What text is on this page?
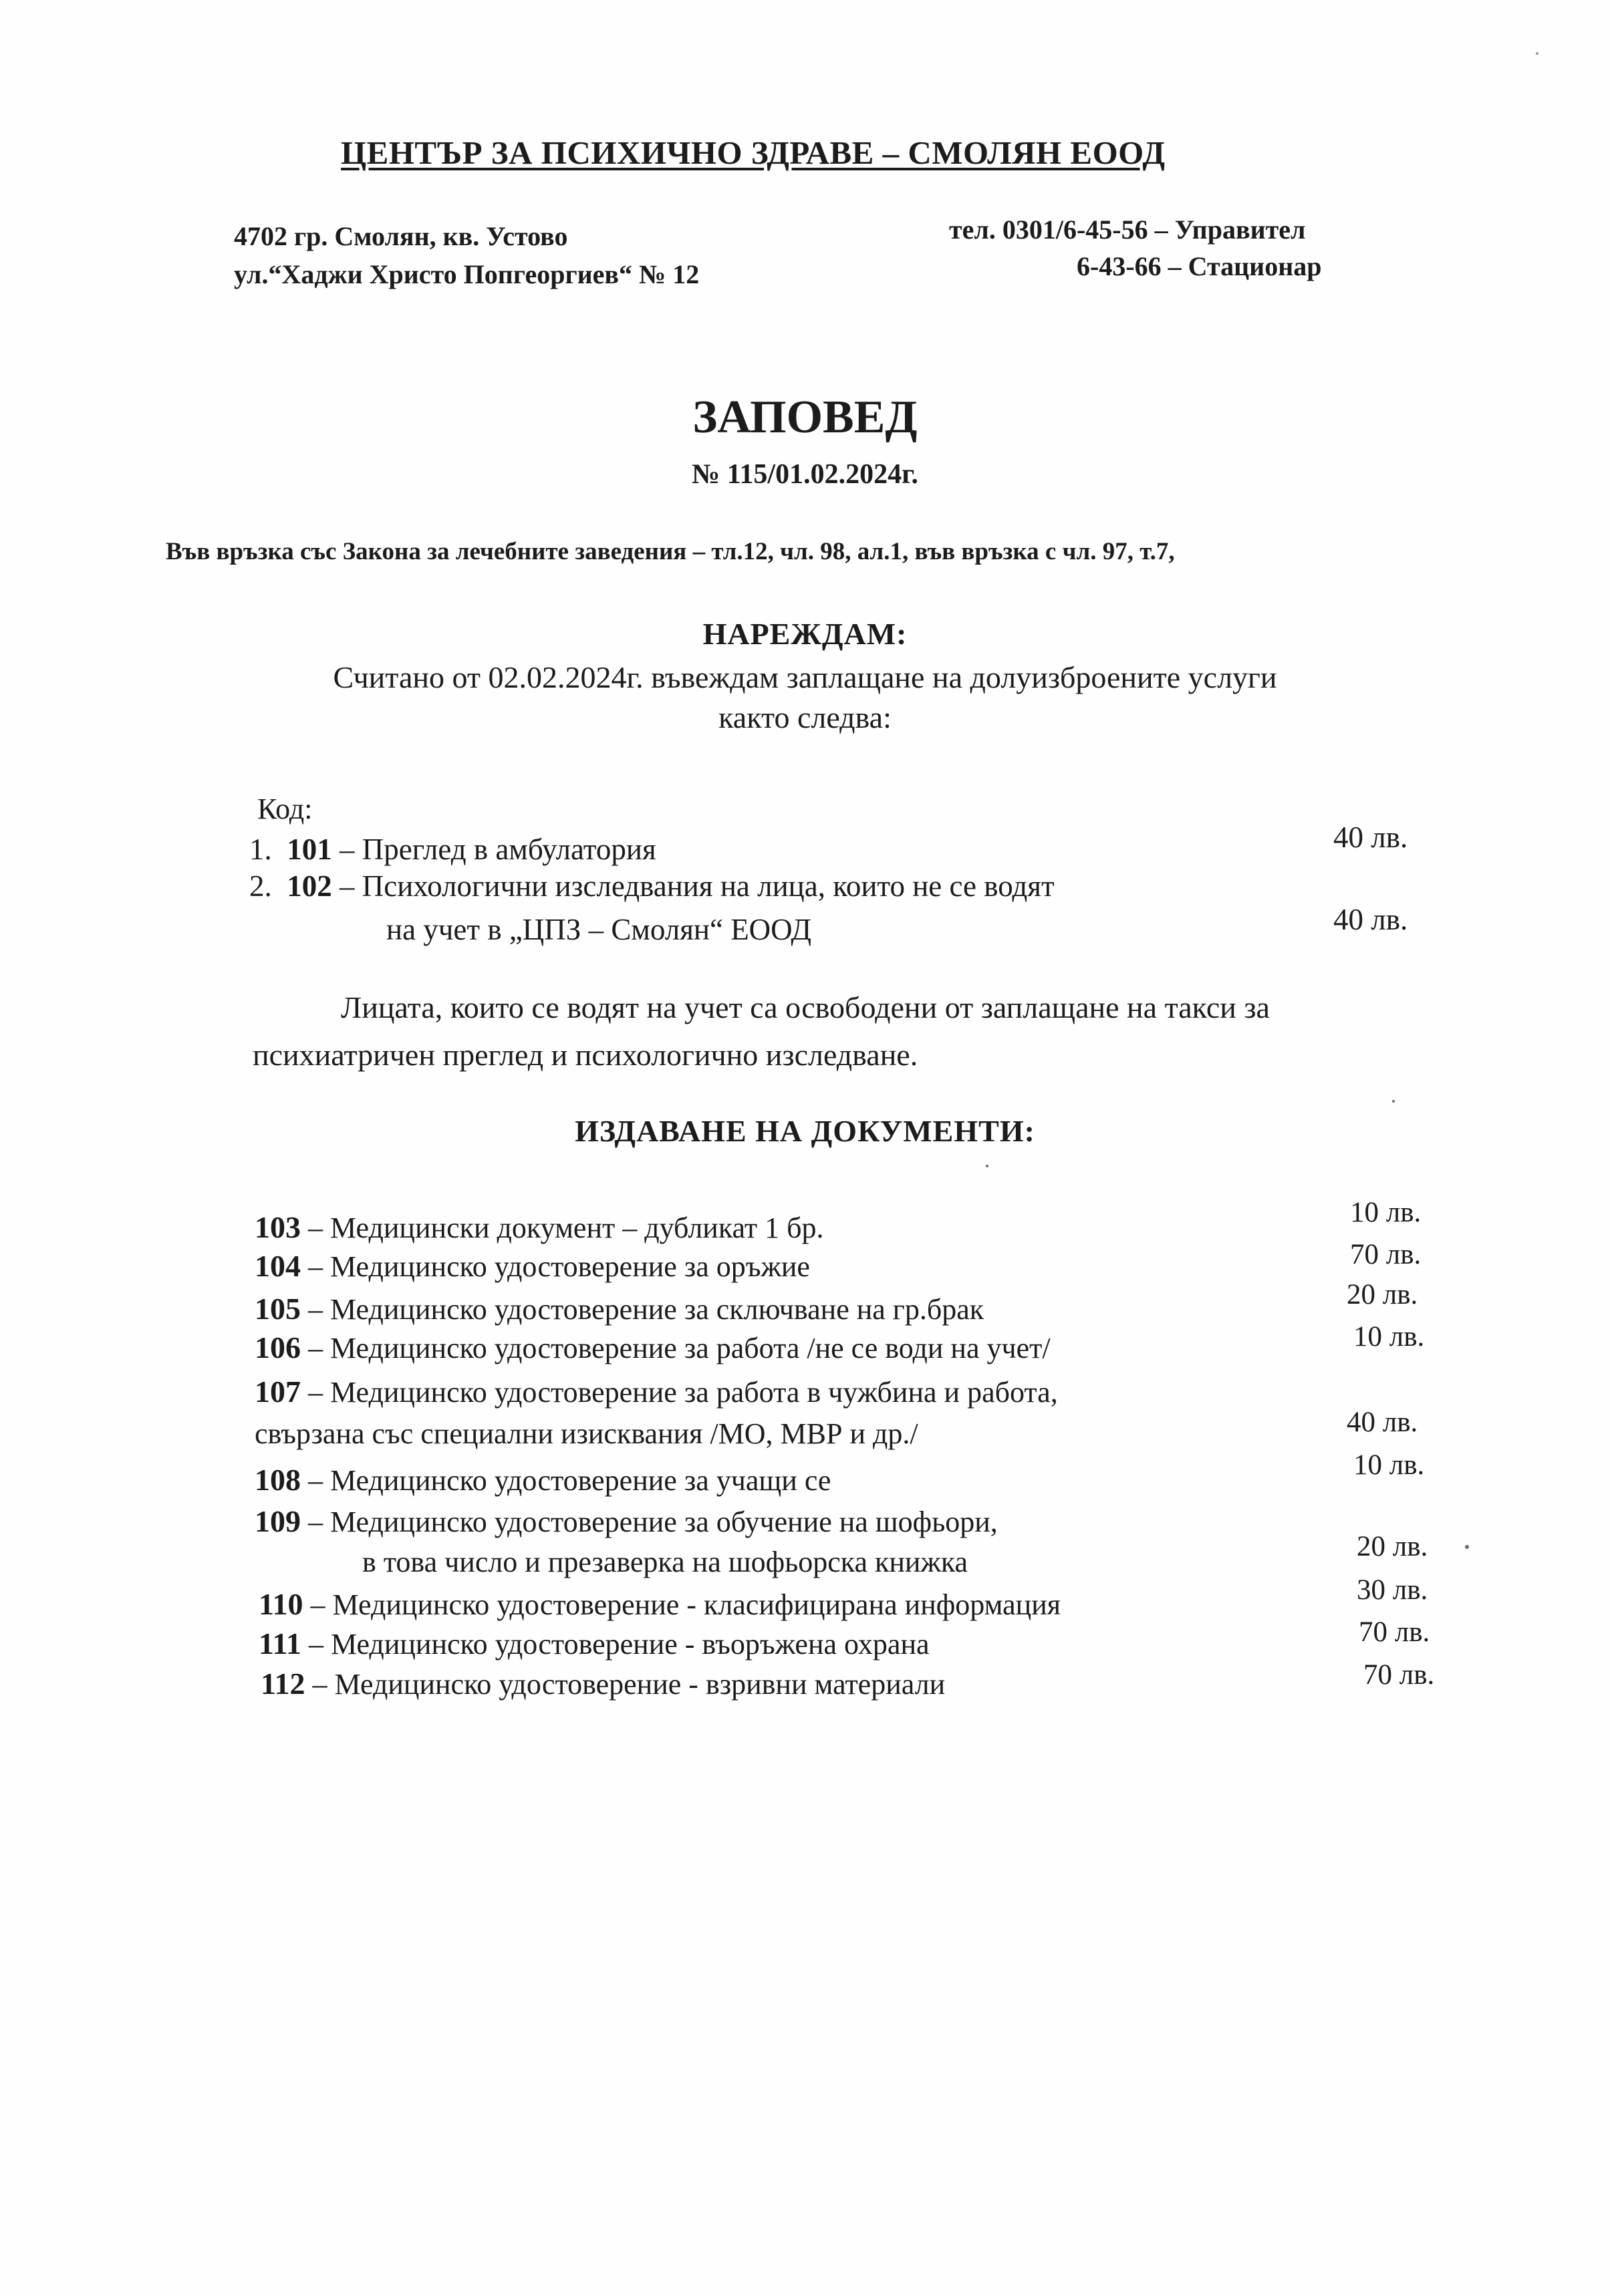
ЦЕНТЪР ЗА ПСИХИЧНО ЗДРАВЕ – СМОЛЯН ЕООД
4702 гр. Смолян, кв. Устово
ул.“Хаджи Христо Попгеоргиев“ № 12
тел. 0301/6-45-56 – Управител
6-43-66 – Стационар
ЗАПОВЕД
№ 115/01.02.2024г.
Във връзка със Закона за лечебните заведения – тл.12, чл. 98, ал.1, във връзка с чл. 97, т.7,
НАРЕЖДАМ:
Считано от 02.02.2024г. въвеждам заплащане на долуизброените услуги
както следва:
Код:
1. 101 – Преглед в амбулатория	40 лв.
2. 102 – Психологични изследвания на лица, които не се водят
на учет в „ЦПЗ – Смолян“ ЕООД	40 лв.
Лицата, които се водят на учет са освободени от заплащане на такси за
психиатричен преглед и психологично изследване.
ИЗДАВАНЕ НА ДОКУМЕНТИ:
103 – Медицински документ – дубликат 1 бр.	10 лв.
104 – Медицинско удостоверение за оръжие	70 лв.
105 – Медицинско удостоверение за сключване на гр.брак	20 лв.
106 – Медицинско удостоверение за работа /не се води на учет/	10 лв.
107 – Медицинско удостоверение за работа в чужбина и работа,
свързана със специални изисквания /МО, МВР и др./	40 лв.
108 – Медицинско удостоверение за учащи се	10 лв.
109 – Медицинско удостоверение за обучение на шофьори,
в това число и презаверка на шофьорска книжка	20 лв.
110 – Медицинско удостоверение - класифицирана информация	30 лв.
111 – Медицинско удостоверение - въоръжена охрана	70 лв.
112 – Медицинско удостоверение - взривни материали	70 лв.
